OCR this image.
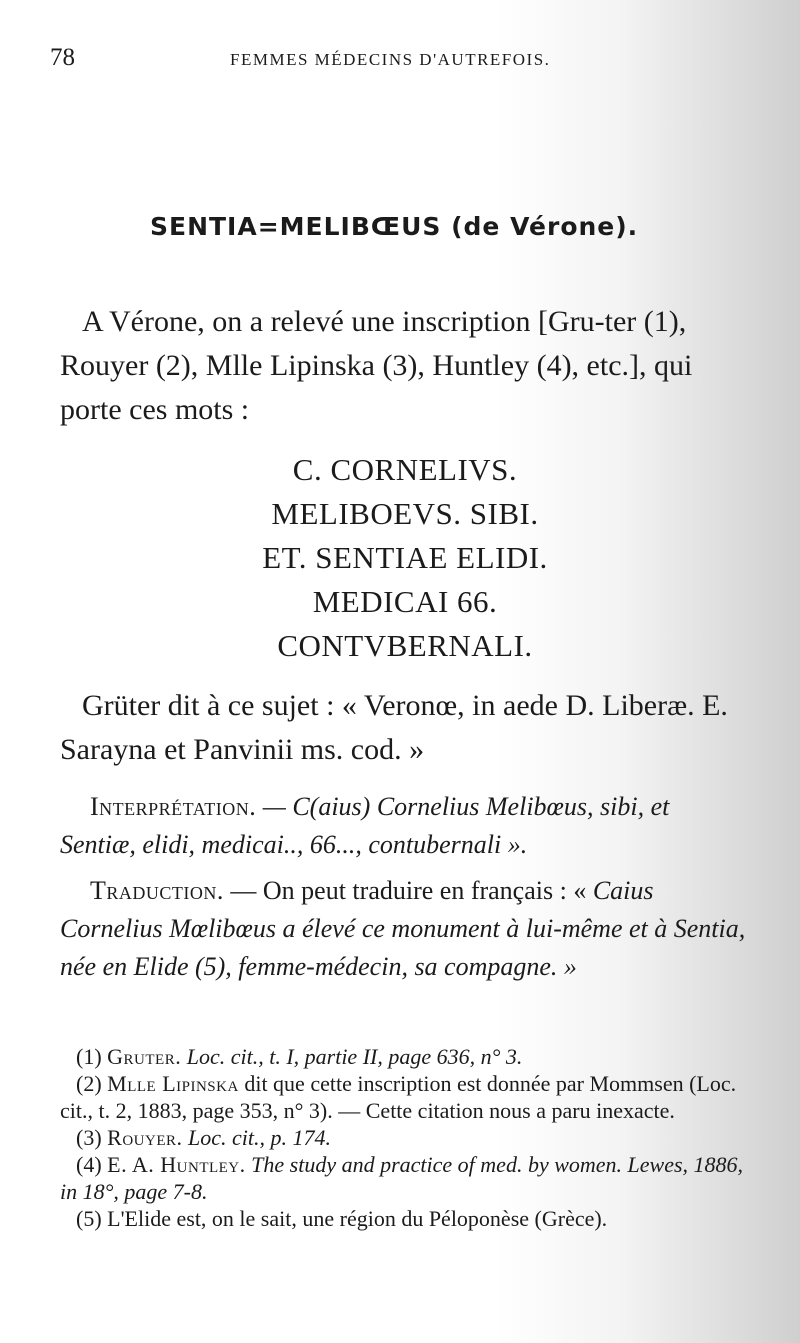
78	FEMMES MÉDECINS D'AUTREFOIS.
SENTIA=MELIBŒUS (de Vérone).

A Vérone, on a relevé une inscription [Gru-ter (1), Rouyer (2), Mlle Lipinska (3), Huntley (4), etc.], qui porte ces mots :

C. CORNELIVS.
MELIBOEVS. SIBI.
ET. SENTIAE ELIDI.
MEDICAI 66.
CONTVBERNALI.

Grüter dit à ce sujet : « Veronœ, in aede D. Liberæ. E. Sarayna et Panvinii ms. cod. »

Interprétation. — C(aius) Cornelius Melibœus, sibi, et Sentiæ, elidi, medicai.., 66..., contubernali ».

Traduction. — On peut traduire en français : « Caius Cornelius Mœlibœus a élevé ce monument à lui-même et à Sentia, née en Elide (5), femme-médecin, sa compagne. »

(1) Gruter. Loc. cit., t. I, partie II, page 636, n° 3.

(2) Mlle Lipinska dit que cette inscription est donnée par Mommsen (Loc. cit., t. 2, 1883, page 353, n° 3). — Cette citation nous a paru inexacte.

(3) Rouyer. Loc. cit., p. 174.

(4) E. A. Huntley. The study and practice of med. by women. Lewes, 1886, in 18°, page 7-8.

(5) L'Elide est, on le sait, une région du Péloponèse (Grèce).
